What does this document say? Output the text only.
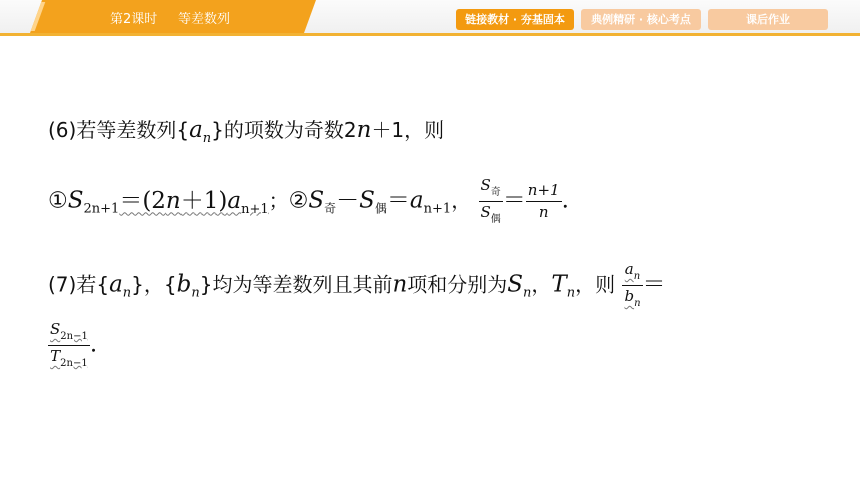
第2课时 等差数列	链接教材 · 夯基固本	典例精研 · 核心考点	课后作业
(6)若等差数列$\{a_n\}$的项数为奇数2n＋1，则
$①S_{2n+1}=(2n+1)a_{n+1}$；$②S_奇-S_偶=a_{n+1}$， $\frac{S_奇}{S_偶} = \frac{n+1}{n}$ .
(7)若$\{a_n\}$，$\{b_n\}$均为等差数列且其前n项和分别为$S_n$，$T_n$，则 $\frac{a_n}{b_n}$ ＝
$\frac{S_{2n-1}}{T_{2n-1}}$ .
